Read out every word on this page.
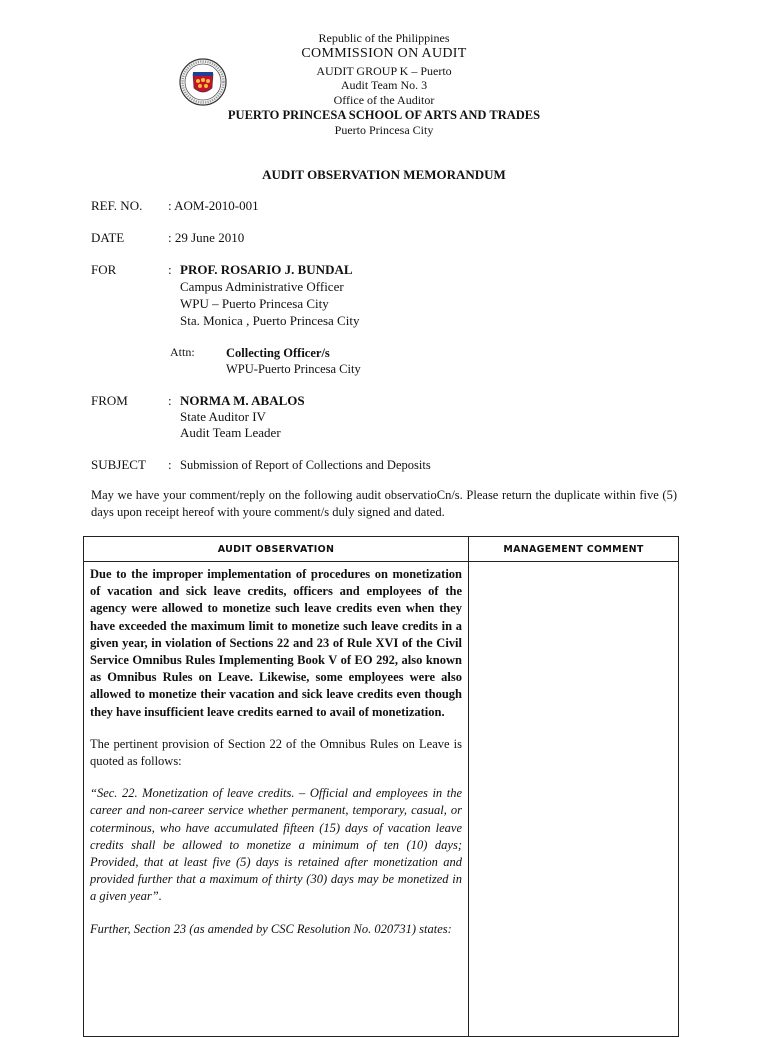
Republic of the Philippines
COMMISSION ON AUDIT
AUDIT GROUP K – Puerto
Audit Team No. 3
Office of the Auditor
PUERTO PRINCESA SCHOOL OF ARTS AND TRADES
Puerto Princesa City
AUDIT OBSERVATION MEMORANDUM
REF. NO. : AOM-2010-001
DATE	: 29 June 2010
FOR	: PROF. ROSARIO J. BUNDAL
Campus Administrative Officer
WPU – Puerto Princesa City
Sta. Monica , Puerto Princesa City
Attn:	Collecting Officer/s
WPU-Puerto Princesa City
FROM	: NORMA M. ABALOS
State Auditor IV
Audit Team Leader
SUBJECT : Submission of Report of Collections and Deposits
May we have your comment/reply on the following audit observatioCn/s. Please return the duplicate within five (5) days upon receipt hereof with youre comment/s duly signed and dated.
AUDIT OBSERVATION	MANAGEMENT COMMENT

Due to the improper implementation of procedures on monetization of vacation and sick leave credits, officers and employees of the agency were allowed to monetize such leave credits even when they have exceeded the maximum limit to monetize such leave credits in a given year, in violation of Sections 22 and 23 of Rule XVI of the Civil Service Omnibus Rules Implementing Book V of EO 292, also known as Omnibus Rules on Leave. Likewise, some employees were also allowed to monetize their vacation and sick leave credits even though they have insufficient leave credits earned to avail of monetization.

The pertinent provision of Section 22 of the Omnibus Rules on Leave is quoted as follows:

“Sec. 22. Monetization of leave credits. – Official and employees in the career and non-career service whether permanent, temporary, casual, or coterminous, who have accumulated fifteen (15) days of vacation leave credits shall be allowed to monetize a minimum of ten (10) days; Provided, that at least five (5) days is retained after monetization and provided further that a maximum of thirty (30) days may be monetized in a given year”.

Further, Section 23 (as amended by CSC Resolution No. 020731) states:	
